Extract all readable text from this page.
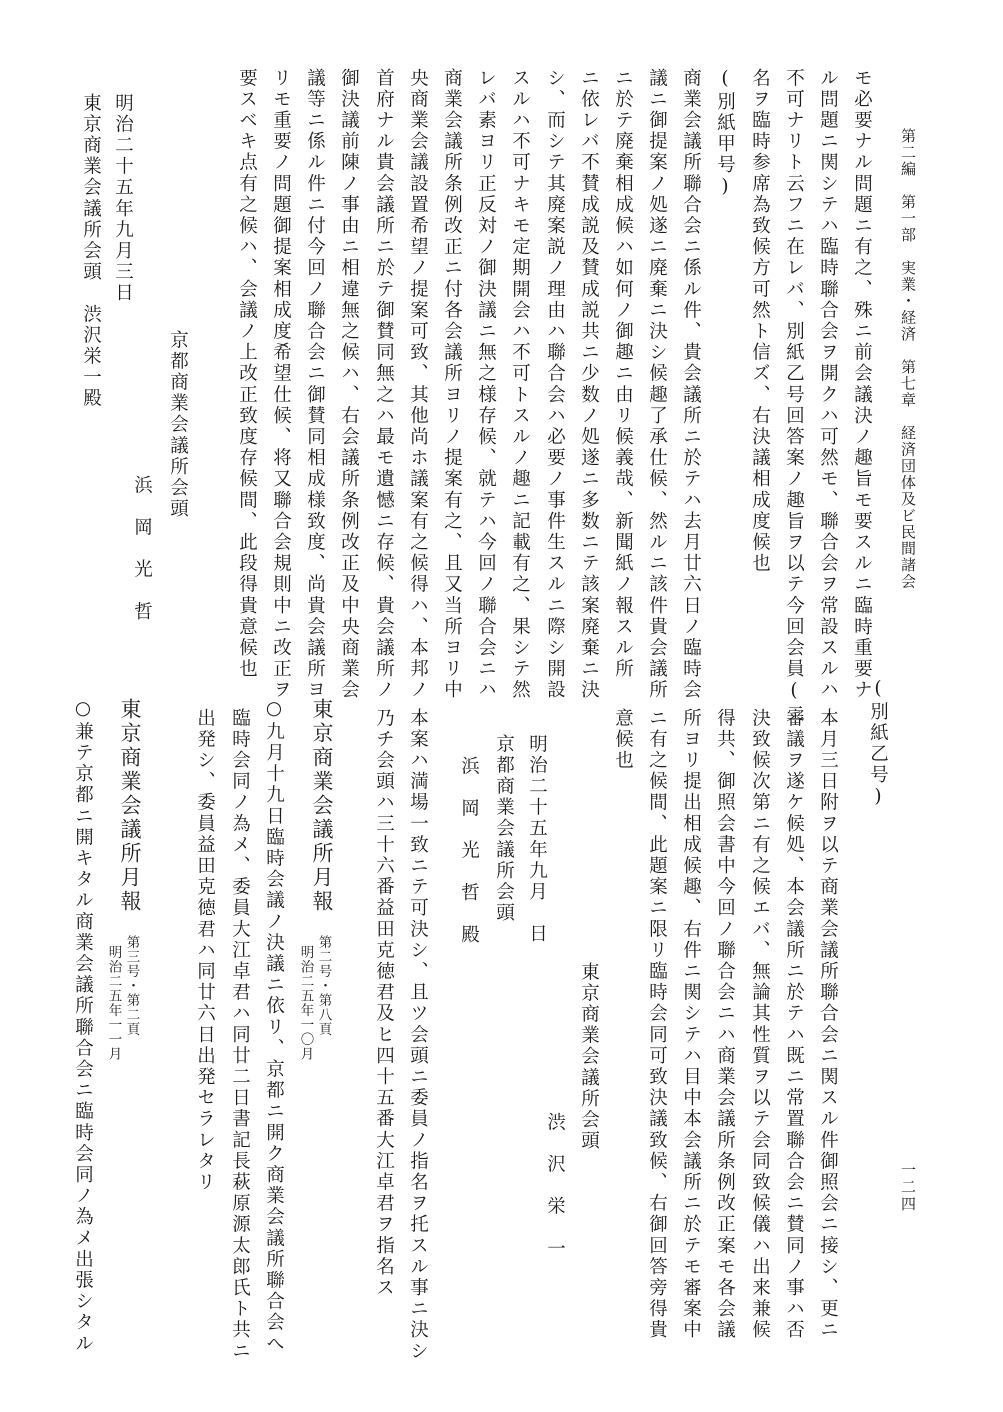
第二編　第一部　実業・経済　第七章　経済団体及ビ民間諸会
一二四
モ必要ナル問題ニ有之、殊ニ前会議決ノ趣旨モ要スルニ臨時重要ナ
ル問題ニ関シテハ臨時聯合会ヲ開クハ可然モ、聯合会ヲ常設スルハ
不可ナリト云フニ在レバ、別紙乙号回答案ノ趣旨ヲ以テ今回会員(二
名ヲ臨時参席為致候方可然ト信ズ、右決議相成度候也
(別紙甲号)
商業会議所聯合会ニ係ル件、貴会議所ニ於テハ去月廿六日ノ臨時会
議ニ御提案ノ処遂ニ廃棄ニ決シ候趣了承仕候、然ルニ該件貴会議所
ニ於テ廃棄相成候ハ如何ノ御趣ニ由リ候義哉、新聞紙ノ報スル所
ニ依レバ不賛成説及賛成説共ニ少数ノ処遂ニ多数ニテ該案廃棄ニ決
シ、而シテ其廃案説ノ理由ハ聯合会ハ必要ノ事件生スルニ際シ開設
スルハ不可ナキモ定期開会ハ不可トスルノ趣ニ記載有之、果シテ然
レバ素ヨリ正反対ノ御決議ニ無之様存候、就テハ今回ノ聯合会ニハ
商業会議所条例改正ニ付各会議所ヨリノ提案有之、且又当所ヨリ中
央商業会議設置希望ノ提案可致、其他尚ホ議案有之候得ハ、本邦ノ
首府ナル貴会議所ニ於テ御賛同無之ハ最モ遺憾ニ存候、貴会議所ノ
御決議前陳ノ事由ニ相違無之候ハ、右会議所条例改正及中央商業会
議等ニ係ル件ニ付今回ノ聯合会ニ御賛同相成様致度、尚貴会議所ヨ
リモ重要ノ問題御提案相成度希望仕候、将又聯合会規則中ニ改正ヲ
要スベキ点有之候ハ、会議ノ上改正致度存候間、此段得貴意候也
京都商業会議所会頭
浜　岡　光　哲
明治二十五年九月三日
東京商業会議所会頭　渋沢栄一殿
(別紙乙号)
本月三日附ヲ以テ商業会議所聯合会ニ関スル件御照会ニ接シ、更ニ
審議ヲ遂ケ候処、本会議所ニ於テハ既ニ常置聯合会ニ賛同ノ事ハ否
決致候次第ニ有之候エバ、無論其性質ヲ以テ会同致候儀ハ出来兼候
得共、御照会書中今回ノ聯合会ニハ商業会議所条例改正案モ各会議
所ヨリ提出相成候趣、右件ニ関シテハ目中本会議所ニ於テモ審案中
ニ有之候間、此題案ニ限リ臨時会同可致決議致候、右御回答旁得貴
意候也
東京商業会議所会頭
渋　沢　栄　一
明治二十五年九月　日
京都商業会議所会頭
浜　岡　光　哲　殿
本案ハ満場一致ニテ可決シ、且ツ会頭ニ委員ノ指名ヲ托スル事ニ決シ
乃チ会頭ハ三十六番益田克徳君及ヒ四十五番大江卓君ヲ指名ス
東京商業会議所月報
第二号・第八頁
明治二五年一〇月
○九月十九日臨時会議ノ決議ニ依リ、京都ニ開ク商業会議所聯合会へ
臨時会同ノ為メ、委員大江卓君ハ同廿二日書記長萩原源太郎氏ト共ニ
出発シ、委員益田克徳君ハ同廿六日出発セラレタリ
東京商業会議所月報
第三号・第二頁
明治二五年一一月
○兼テ京都ニ開キタル商業会議所聯合会ニ臨時会同ノ為メ出張シタル
